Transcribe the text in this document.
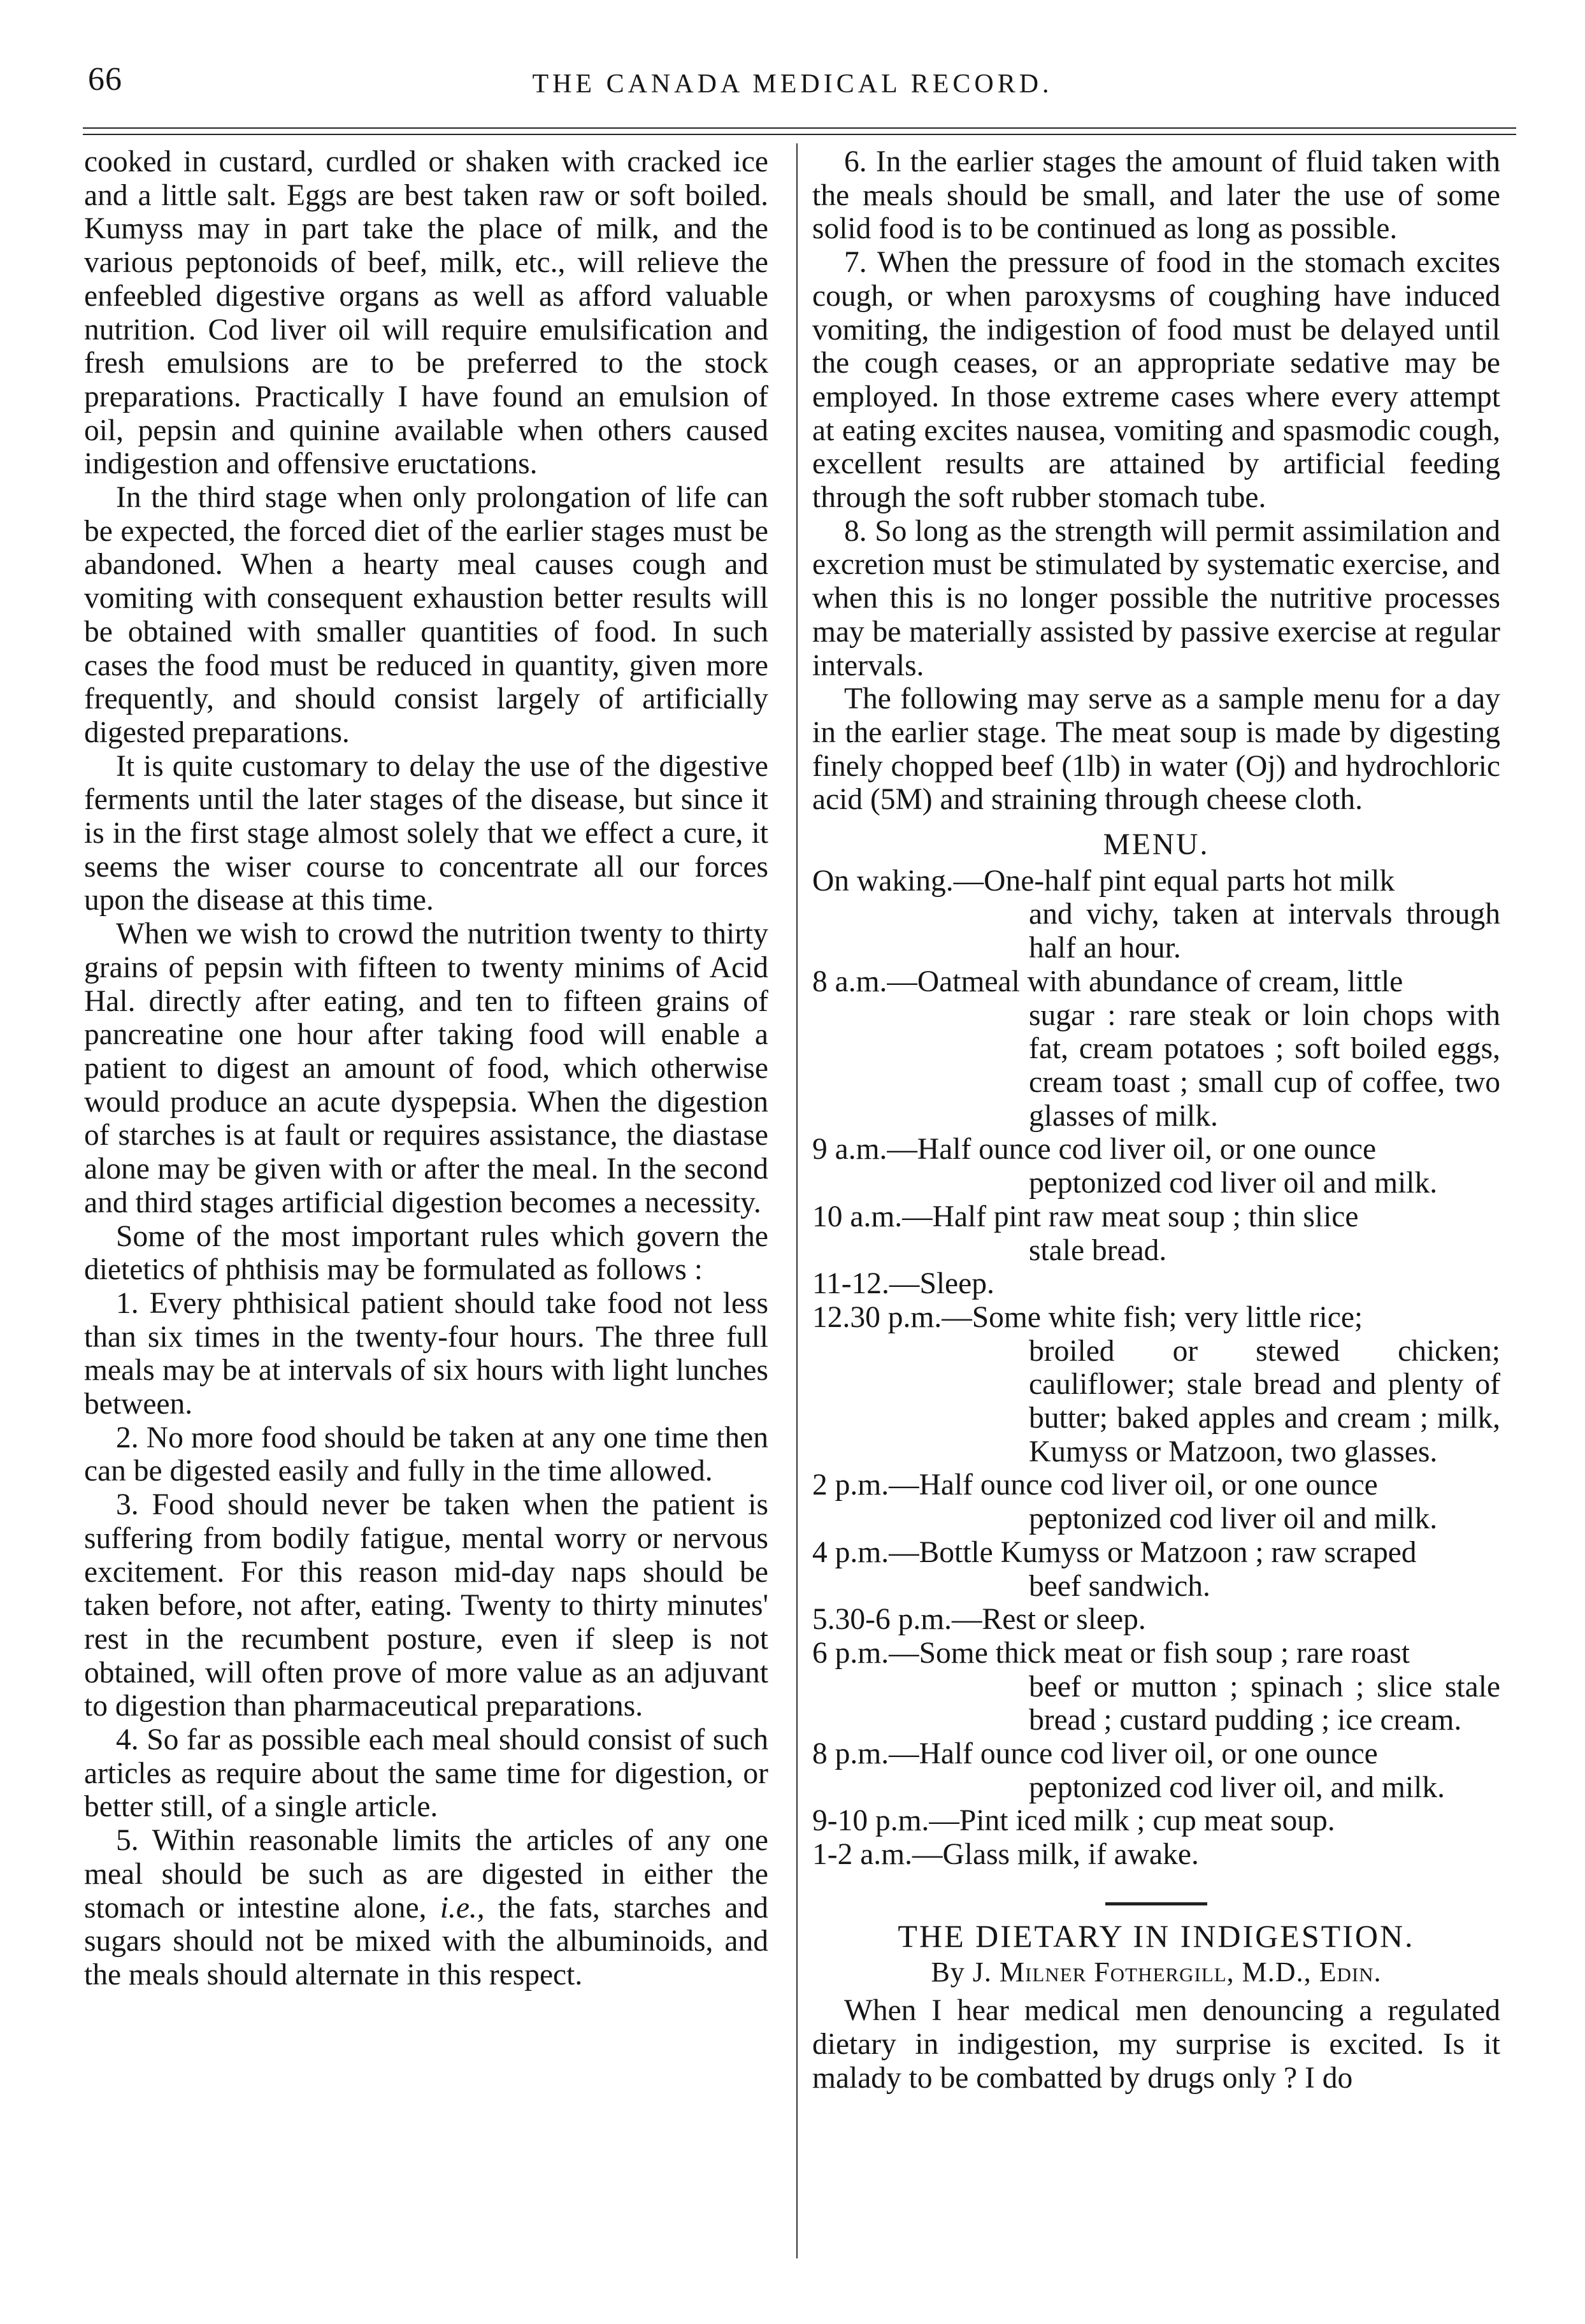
66	THE CANADA MEDICAL RECORD.

cooked in custard, curdled or shaken with cracked ice and a little salt. Eggs are best taken raw or soft boiled. Kumyss may in part take the place of milk, and the various peptonoids of beef, milk, etc., will relieve the enfeebled digestive organs as well as afford valuable nutrition. Cod liver oil will require emulsification and fresh emulsions are to be preferred to the stock preparations. Practically I have found an emulsion of oil, pepsin and quinine available when others caused indigestion and offensive eructations.

In the third stage when only prolongation of life can be expected, the forced diet of the earlier stages must be abandoned. When a hearty meal causes cough and vomiting with consequent exhaustion better results will be obtained with smaller quantities of food. In such cases the food must be reduced in quantity, given more frequently, and should consist largely of artificially digested preparations.

It is quite customary to delay the use of the digestive ferments until the later stages of the disease, but since it is in the first stage almost solely that we effect a cure, it seems the wiser course to concentrate all our forces upon the disease at this time.

When we wish to crowd the nutrition twenty to thirty grains of pepsin with fifteen to twenty minims of Acid Hal. directly after eating, and ten to fifteen grains of pancreatine one hour after taking food will enable a patient to digest an amount of food, which otherwise would produce an acute dyspepsia. When the digestion of starches is at fault or requires assistance, the diastase alone may be given with or after the meal. In the second and third stages artificial digestion becomes a necessity.

Some of the most important rules which govern the dietetics of phthisis may be formulated as follows :

1. Every phthisical patient should take food not less than six times in the twenty-four hours. The three full meals may be at intervals of six hours with light lunches between.

2. No more food should be taken at any one time then can be digested easily and fully in the time allowed.

3. Food should never be taken when the patient is suffering from bodily fatigue, mental worry or nervous excitement. For this reason mid-day naps should be taken before, not after, eating. Twenty to thirty minutes' rest in the recumbent posture, even if sleep is not obtained, will often prove of more value as an adjuvant to digestion than pharmaceutical preparations.

4. So far as possible each meal should consist of such articles as require about the same time for digestion, or better still, of a single article.

5. Within reasonable limits the articles of any one meal should be such as are digested in either the stomach or intestine alone, i.e., the fats, starches and sugars should not be mixed with the albuminoids, and the meals should alternate in this respect.

6. In the earlier stages the amount of fluid taken with the meals should be small, and later the use of some solid food is to be continued as long as possible.

7. When the pressure of food in the stomach excites cough, or when paroxysms of coughing have induced vomiting, the indigestion of food must be delayed until the cough ceases, or an appropriate sedative may be employed. In those extreme cases where every attempt at eating excites nausea, vomiting and spasmodic cough, excellent results are attained by artificial feeding through the soft rubber stomach tube.

8. So long as the strength will permit assimilation and excretion must be stimulated by systematic exercise, and when this is no longer possible the nutritive processes may be materially assisted by passive exercise at regular intervals.

The following may serve as a sample menu for a day in the earlier stage. The meat soup is made by digesting finely chopped beef (1lb) in water (Oj) and hydrochloric acid (5M) and straining through cheese cloth.

MENU.
On waking.— One-half pint equal parts hot milk
and vichy, taken at intervals through half an hour.
8 a.m.— Oatmeal with abundance of cream, little
sugar : rare steak or loin chops with fat, cream potatoes ; soft boiled eggs, cream toast ; small cup of coffee, two glasses of milk.
9 a.m.— Half ounce cod liver oil, or one ounce
peptonized cod liver oil and milk.
10 a.m.— Half pint raw meat soup ; thin slice
stale bread.
11-12.— Sleep.
12.30 p.m.— Some white fish; very little rice;
broiled or stewed chicken; cauliflower; stale bread and plenty of butter; baked apples and cream ; milk, Kumyss or Matzoon, two glasses.
2 p.m.— Half ounce cod liver oil, or one ounce
peptonized cod liver oil and milk.
4 p.m.— Bottle Kumyss or Matzoon ; raw scraped
beef sandwich.
5.30-6 p.m.— Rest or sleep.
6 p.m.— Some thick meat or fish soup ; rare roast
beef or mutton ; spinach ; slice stale bread ; custard pudding ; ice cream.
8 p.m.— Half ounce cod liver oil, or one ounce
peptonized cod liver oil, and milk.
9-10 p.m.— Pint iced milk ; cup meat soup.
1-2 a.m.— Glass milk, if awake.
THE DIETARY IN INDIGESTION.
By J. Milner Fothergill, M.D., Edin.

When I hear medical men denouncing a regulated dietary in indigestion, my surprise is excited. Is it malady to be combatted by drugs only ? I do
